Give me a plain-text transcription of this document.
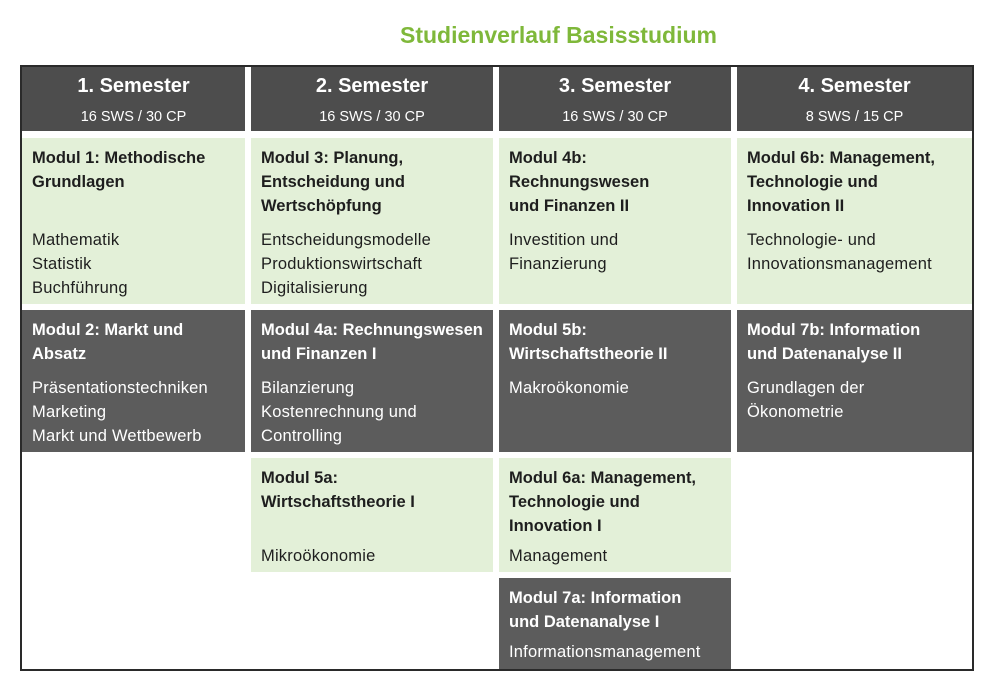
Studienverlauf Basisstudium
1. Semester
16 SWS / 30 CP
Modul 1: Methodische
Grundlagen
Mathematik
Statistik
Buchführung
Modul 2: Markt und
Absatz
Präsentationstechniken
Marketing
Markt und Wettbewerb
2. Semester
16 SWS / 30 CP
Modul 3: Planung,
Entscheidung und
Wertschöpfung
Entscheidungsmodelle
Produktionswirtschaft
Digitalisierung
Modul 4a: Rechnungswesen
und Finanzen I
Bilanzierung
Kostenrechnung und
Controlling
Modul 5a:
Wirtschaftstheorie I
Mikroökonomie
3. Semester
16 SWS / 30 CP
Modul 4b:
Rechnungswesen
und Finanzen II
Investition und
Finanzierung
Modul 5b:
Wirtschaftstheorie II
Makroökonomie
Modul 6a: Management,
Technologie und
Innovation I
Management
Modul 7a: Information
und Datenanalyse I
Informationsmanagement
4. Semester
8 SWS / 15 CP
Modul 6b: Management,
Technologie und
Innovation II
Technologie- und
Innovationsmanagement
Modul 7b: Information
und Datenanalyse II
Grundlagen der
Ökonometrie
